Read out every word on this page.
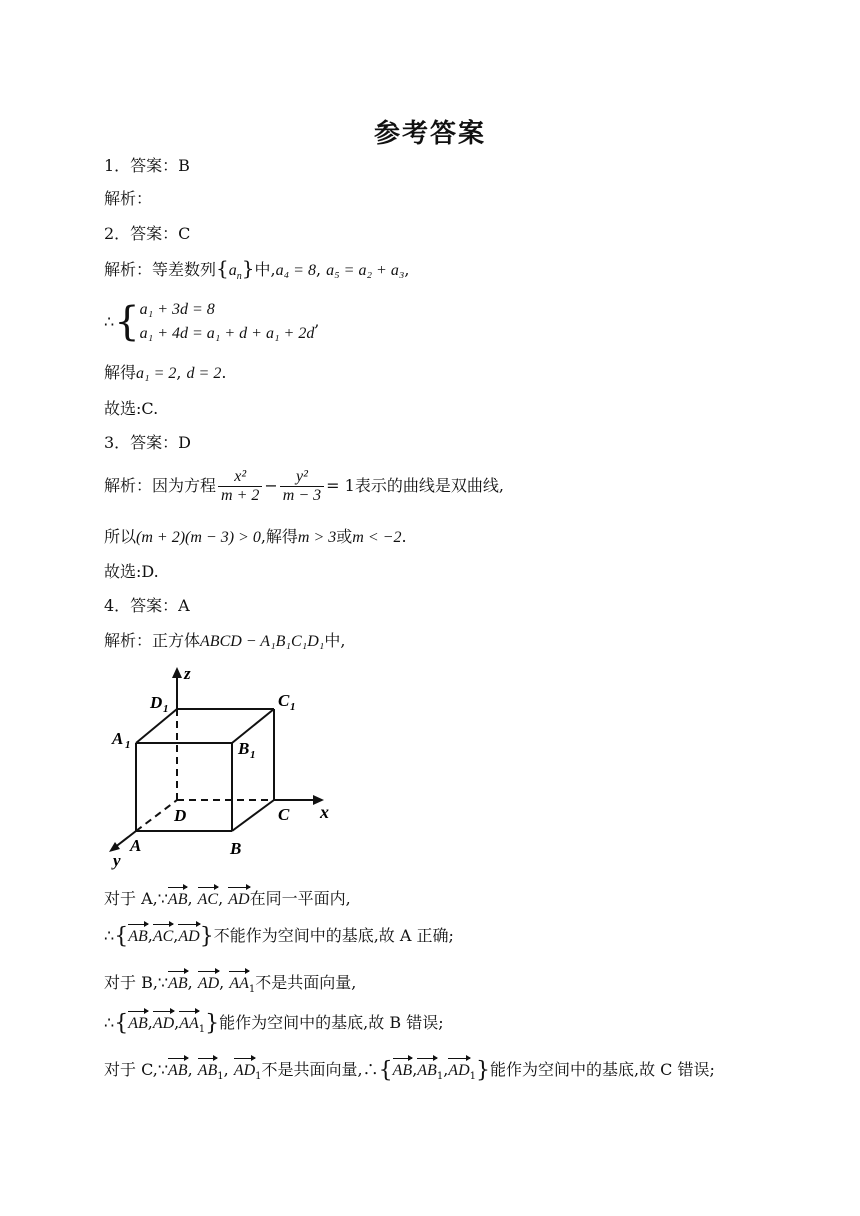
参考答案
1．答案：B
解析：
2．答案：C
解析：等差数列$\{a_n\}$中,a₄ = 8, a₅ = a₂ + a₃,
∴{ a₁ + 3d = 8
a₁ + 4d = a₁ + d + a₁ + 2d
,
解得a₁ = 2, d = 2.
故选:C.
3．答案：D
解析：因为方程 $\frac{\text{x²}}{m + 2} - \frac{\text{y²}}{m - 3} = 1$表示的曲线是双曲线,
所以(m + 2)(m − 3) > 0,解得m > 3或m < −2.
故选:D.
4．答案：A
解析：正方体ABCD − A₁B₁C₁D₁中,
z
x
y
A	B
C
D
A 1	B 1
C 1
D 1
对于 A,∵AB, AC, AD在同一平面内,
∴{AB,AC,AD}不能作为空间中的基底,故 A 正确;
对于 B,∵AB, AD, $AA_1$不是共面向量,
$\therefore\{AB,AD,AA_1\}$能作为空间中的基底,故 B 错误;
对于 C,∵AB, $AB_1$, $AD_1$不是共面向量$,\therefore\{AB,AB_1,AD_1\}$能作为空间中的基底,故 C 错误;
